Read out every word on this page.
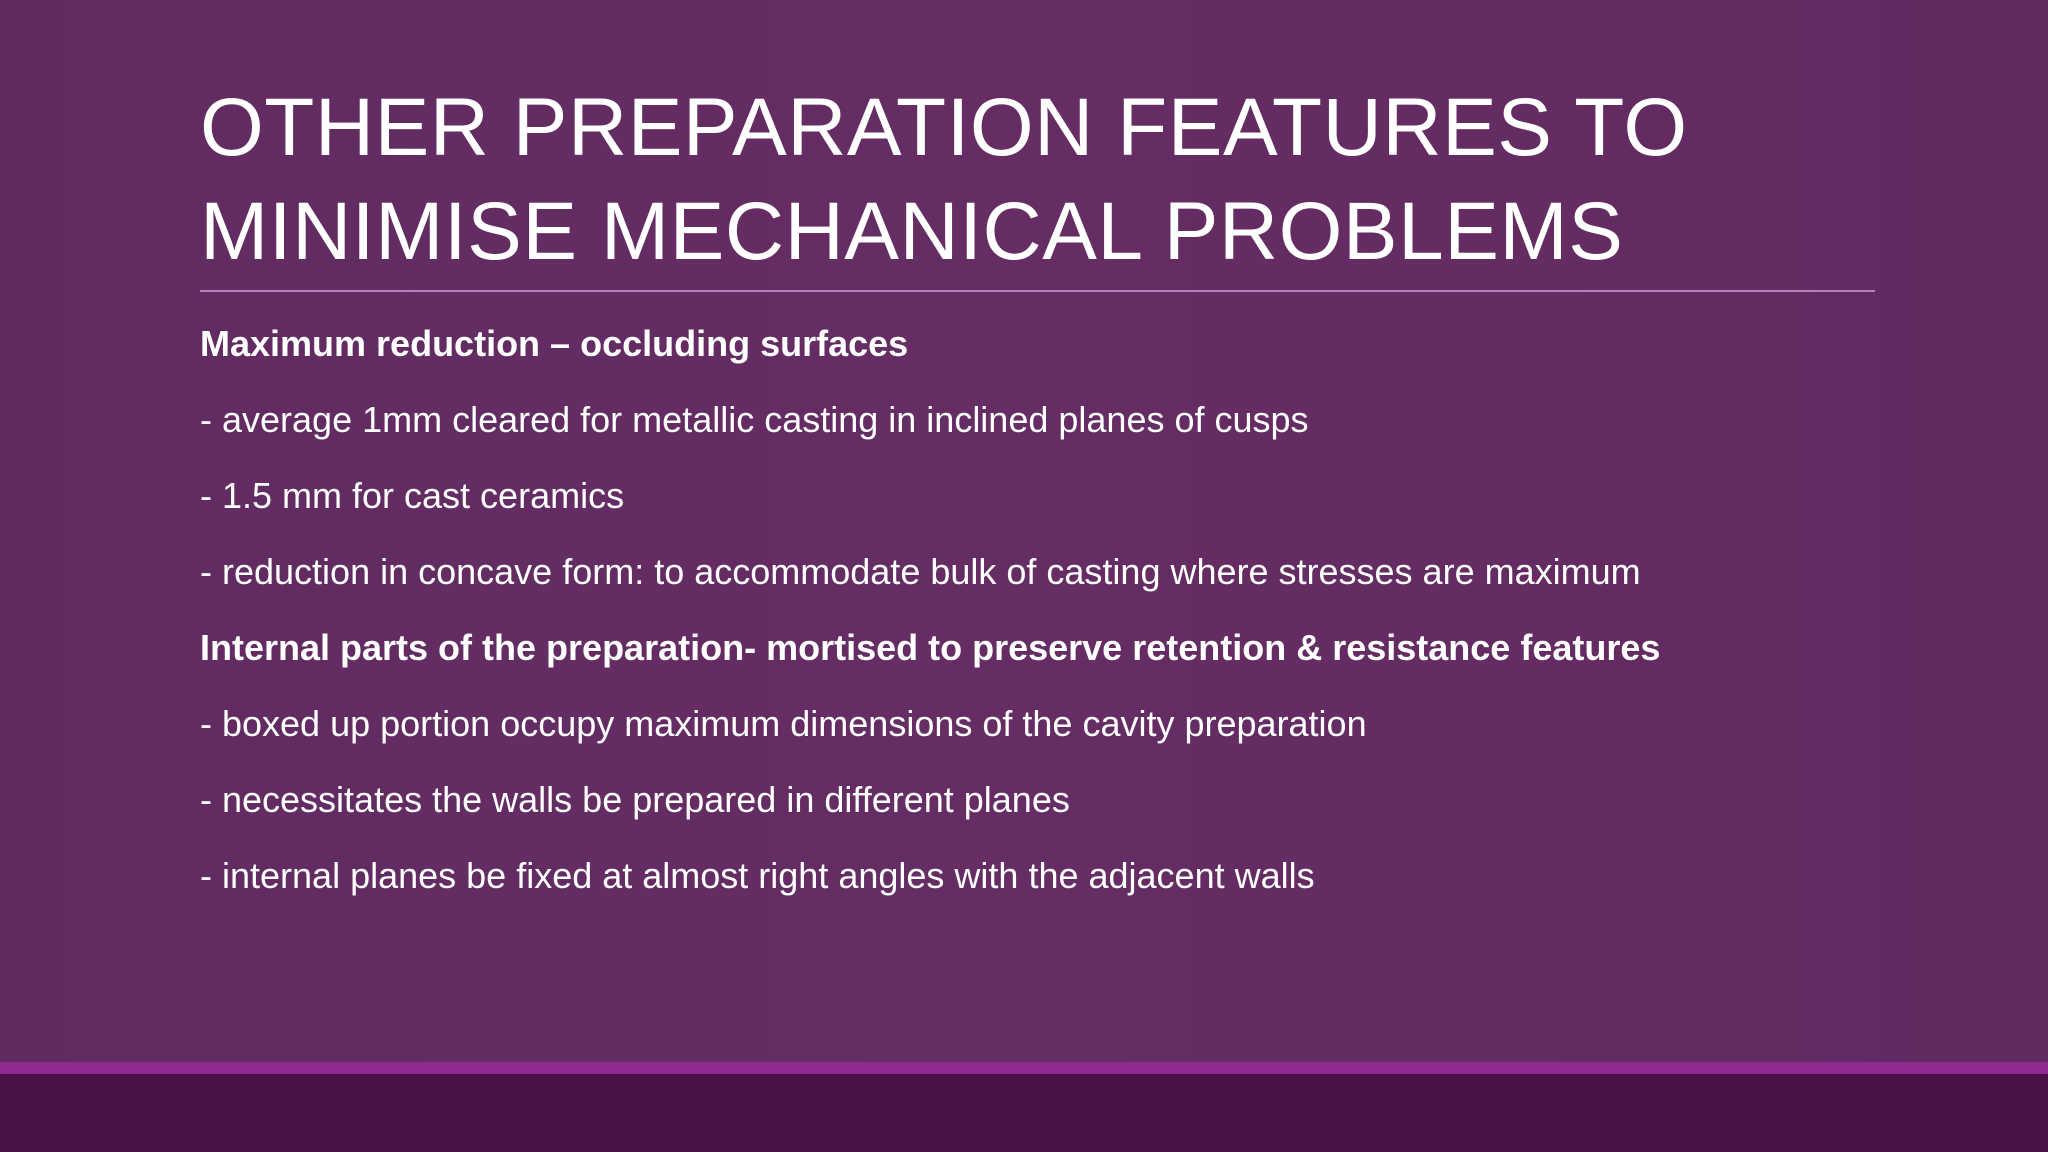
OTHER PREPARATION FEATURES TO
MINIMISE MECHANICAL PROBLEMS
Maximum reduction – occluding surfaces
- average 1mm cleared for metallic casting in inclined planes of cusps
- 1.5 mm for cast ceramics
- reduction in concave form: to accommodate bulk of casting where stresses are maximum
Internal parts of the preparation- mortised to preserve retention & resistance features
- boxed up portion occupy maximum dimensions of the cavity preparation
- necessitates the walls be prepared in different planes
- internal planes be fixed at almost right angles with the adjacent walls
